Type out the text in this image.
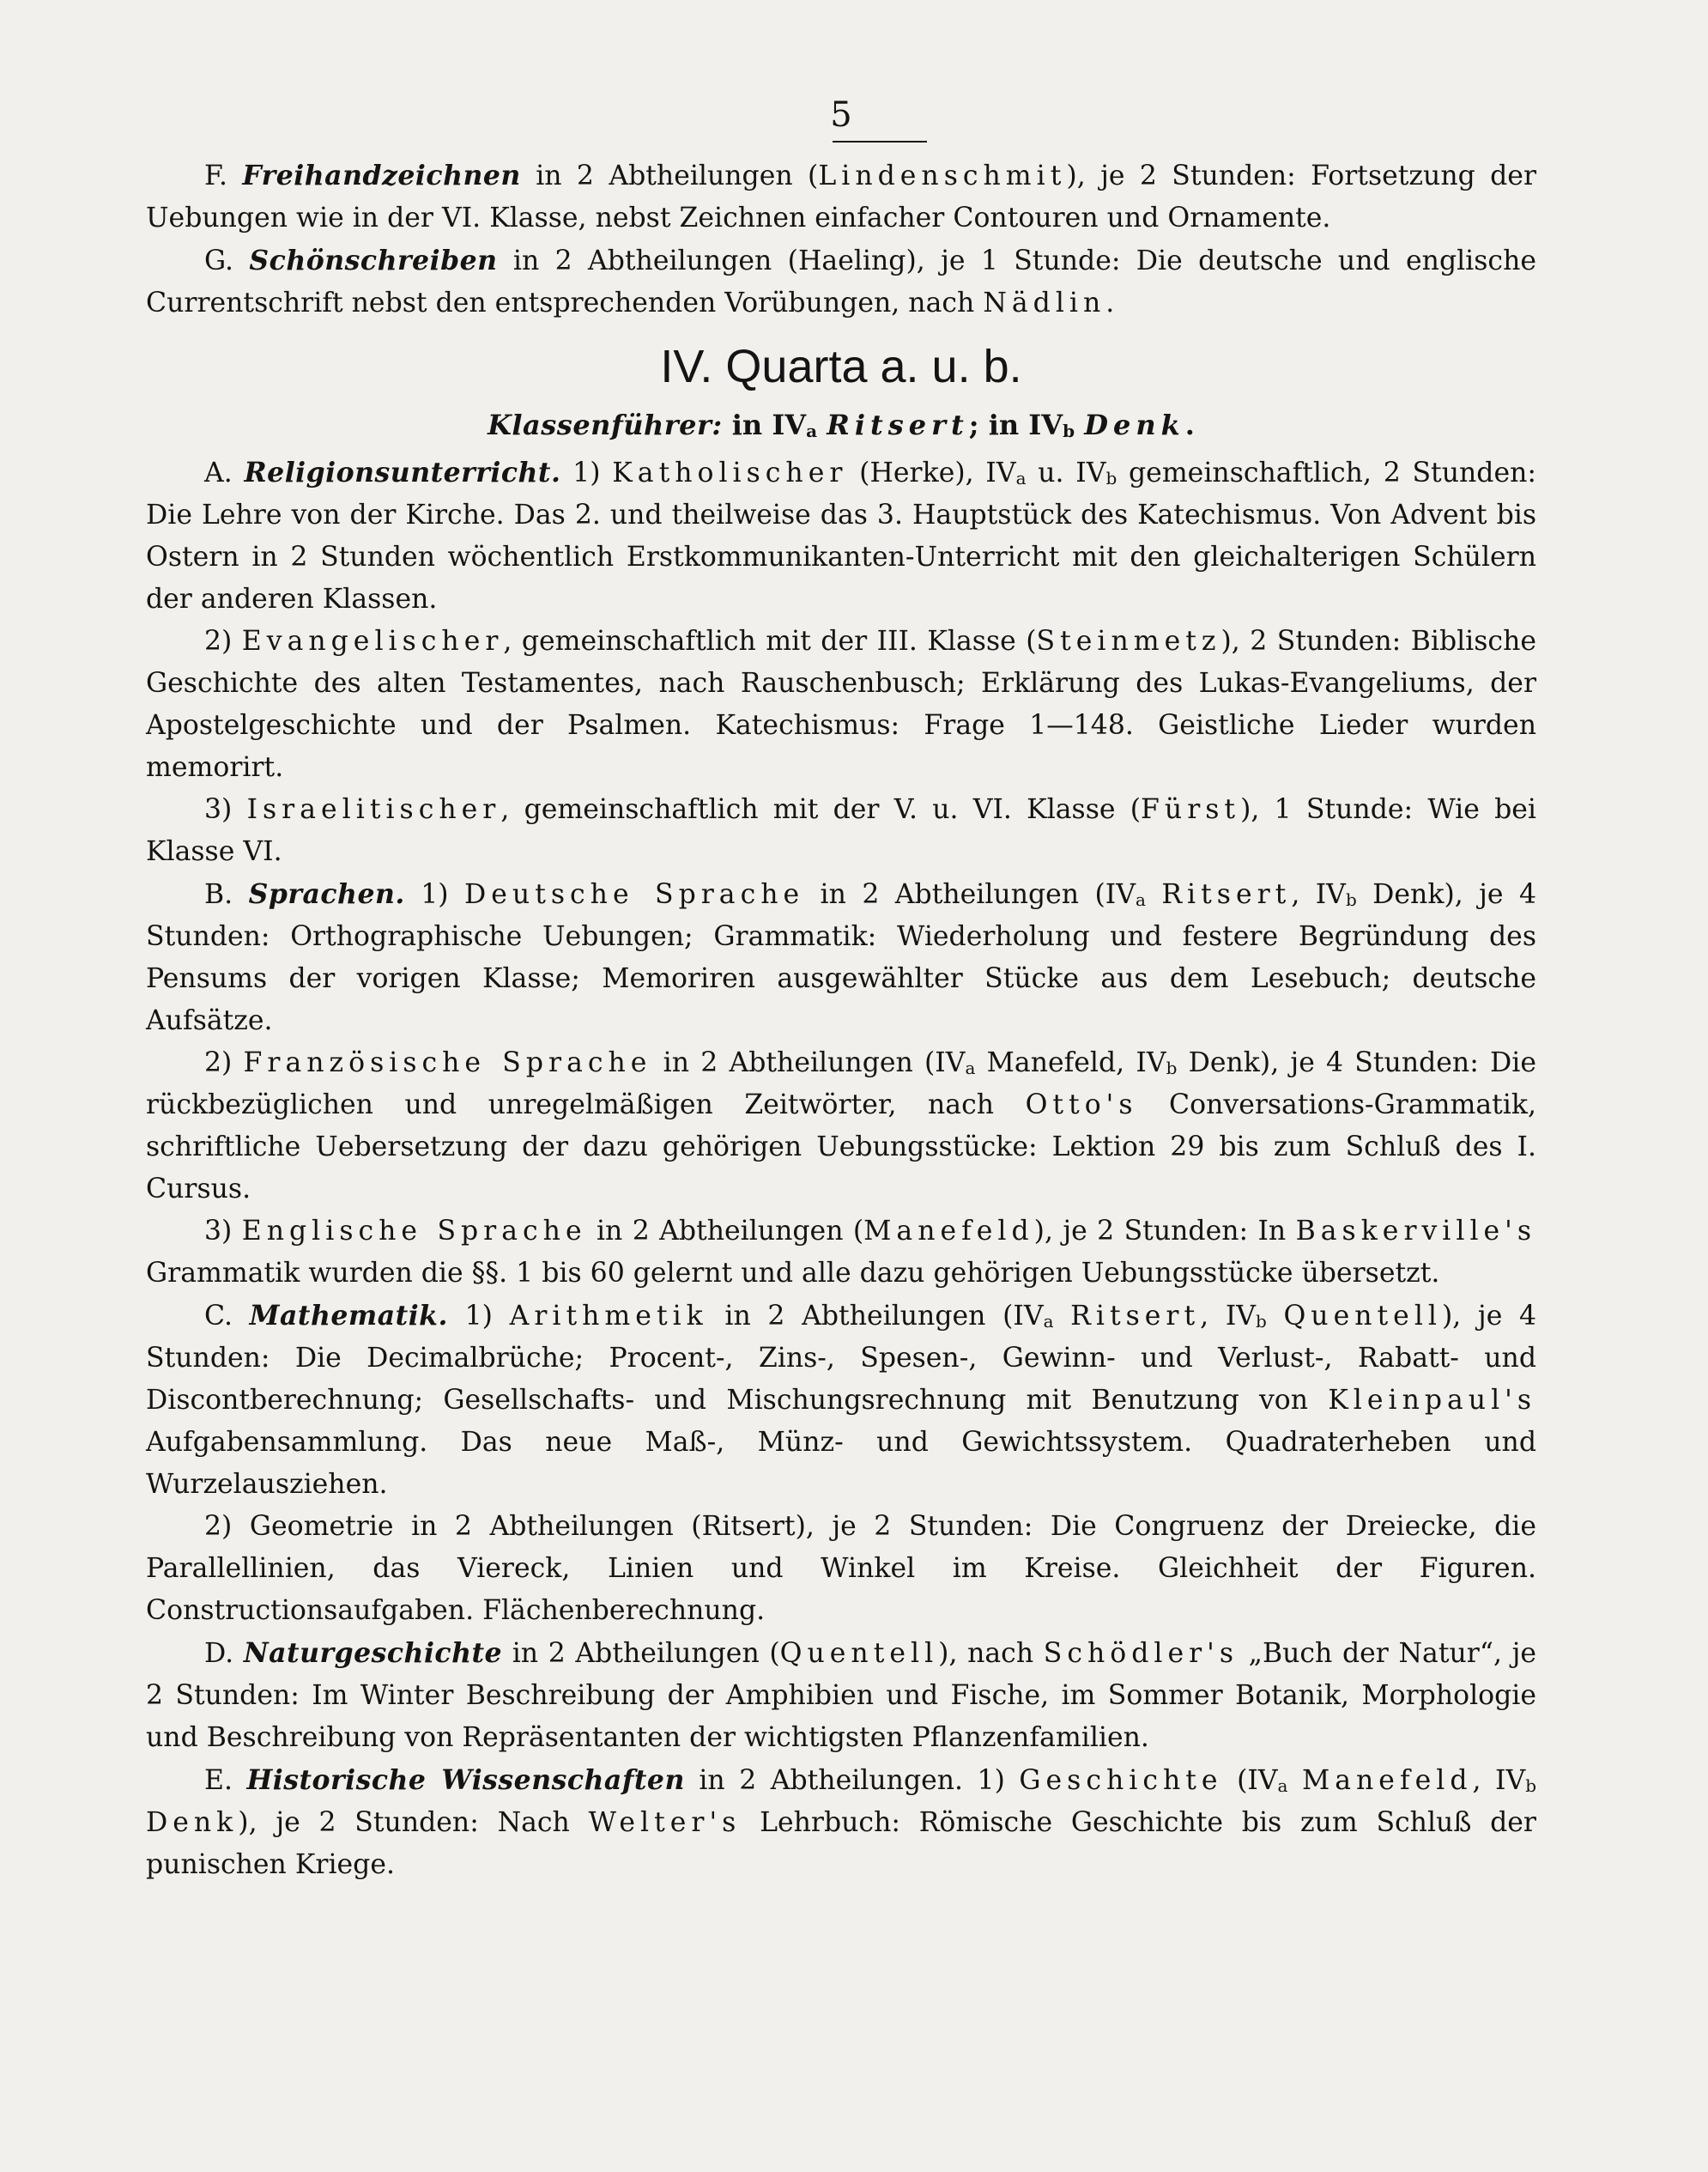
5

F. Freihandzeichnen in 2 Abtheilungen (Lindenschmit), je 2 Stunden: Fortsetzung der Uebungen wie in der VI. Klasse, nebst Zeichnen einfacher Contouren und Ornamente.

G. Schönschreiben in 2 Abtheilungen (Haeling), je 1 Stunde: Die deutsche und englische Currentschrift nebst den entsprechenden Vorübungen, nach Nädlin.

IV. Quarta a. u. b.
Klassenführer: in $IV_a$ Ritsert; in $IV_b$ Denk.

A. Religionsunterricht. 1) Katholischer (Herke), $IV_a$ u. $IV_b$ gemeinschaftlich, 2 Stunden: Die Lehre von der Kirche. Das 2. und theilweise das 3. Hauptstück des Katechismus. Von Advent bis Ostern in 2 Stunden wöchentlich Erstkommunikanten-Unterricht mit den gleichalterigen Schülern der anderen Klassen.

2) Evangelischer, gemeinschaftlich mit der III. Klasse (Steinmetz), 2 Stunden: Biblische Geschichte des alten Testamentes, nach Rauschenbusch; Erklärung des Lukas-Evangeliums, der Apostelgeschichte und der Psalmen. Katechismus: Frage 1—148. Geistliche Lieder wurden memorirt.

3) Israelitischer, gemeinschaftlich mit der V. u. VI. Klasse (Fürst), 1 Stunde: Wie bei Klasse VI.

B. Sprachen. 1) Deutsche Sprache in 2 Abtheilungen ($IV_a$ Ritsert, $IV_b$ Denk), je 4 Stunden: Orthographische Uebungen; Grammatik: Wiederholung und festere Begründung des Pensums der vorigen Klasse; Memoriren ausgewählter Stücke aus dem Lesebuch; deutsche Aufsätze.

2) Französische Sprache in 2 Abtheilungen ($IV_a$ Manefeld, $IV_b$ Denk), je 4 Stunden: Die rückbezüglichen und unregelmäßigen Zeitwörter, nach Otto's Conversations-Grammatik, schriftliche Uebersetzung der dazu gehörigen Uebungsstücke: Lektion 29 bis zum Schluß des I. Cursus.

3) Englische Sprache in 2 Abtheilungen (Manefeld), je 2 Stunden: In Baskerville's Grammatik wurden die §§. 1 bis 60 gelernt und alle dazu gehörigen Uebungsstücke übersetzt.

C. Mathematik. 1) Arithmetik in 2 Abtheilungen ($IV_a$ Ritsert, $IV_b$ Quentell), je 4 Stunden: Die Decimalbrüche; Procent-, Zins-, Spesen-, Gewinn- und Verlust-, Rabatt- und Discontberechnung; Gesellschafts- und Mischungsrechnung mit Benutzung von Kleinpaul's Aufgabensammlung. Das neue Maß-, Münz- und Gewichtssystem. Quadraterheben und Wurzelausziehen.

2) Geometrie in 2 Abtheilungen (Ritsert), je 2 Stunden: Die Congruenz der Dreiecke, die Parallellinien, das Viereck, Linien und Winkel im Kreise. Gleichheit der Figuren. Constructionsaufgaben. Flächenberechnung.

D. Naturgeschichte in 2 Abtheilungen (Quentell), nach Schödler's „Buch der Natur“, je 2 Stunden: Im Winter Beschreibung der Amphibien und Fische, im Sommer Botanik, Morphologie und Beschreibung von Repräsentanten der wichtigsten Pflanzenfamilien.

E. Historische Wissenschaften in 2 Abtheilungen. 1) Geschichte ($IV_a$ Manefeld, $IV_b$ Denk), je 2 Stunden: Nach Welter's Lehrbuch: Römische Geschichte bis zum Schluß der punischen Kriege.
